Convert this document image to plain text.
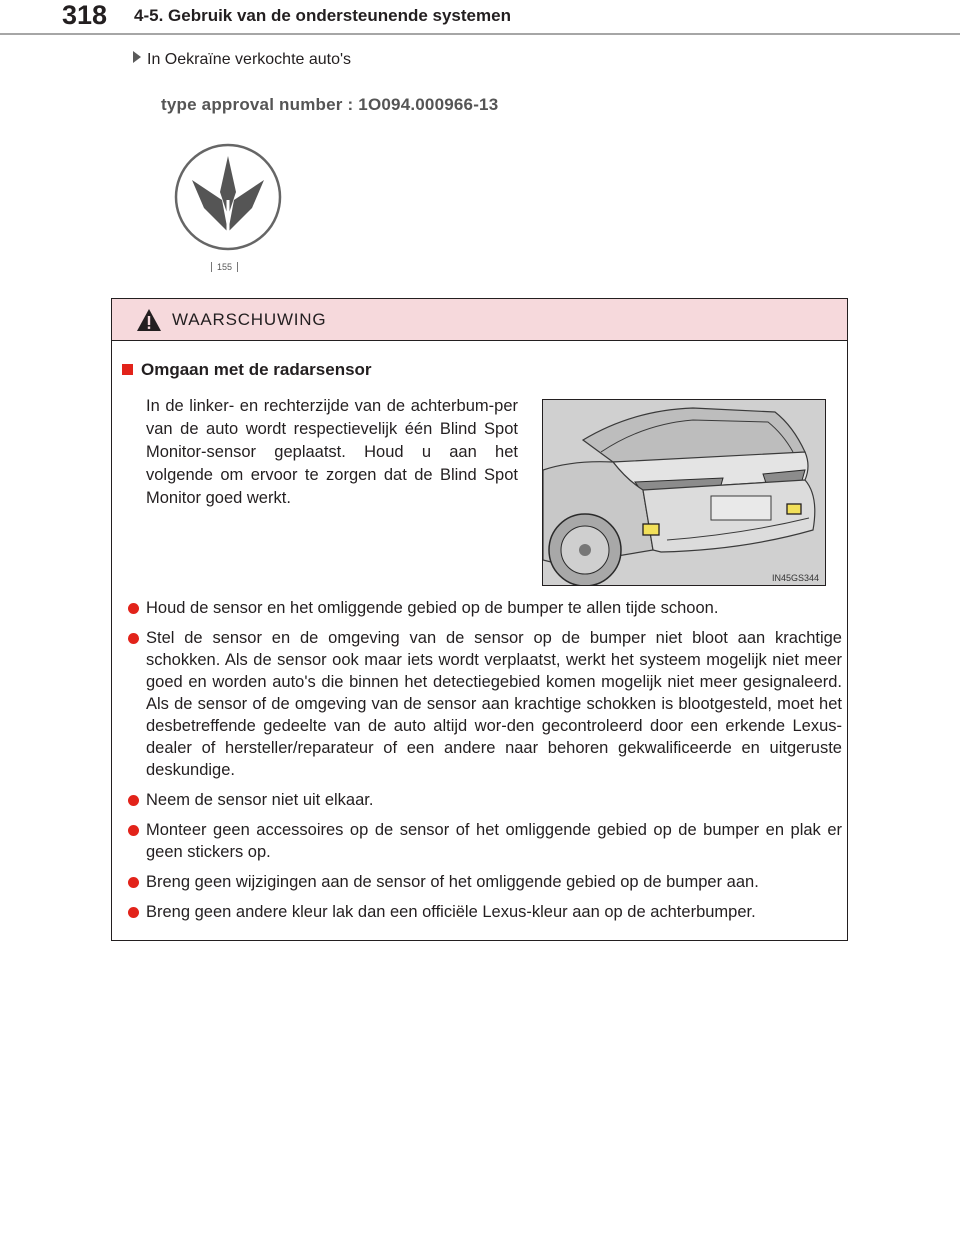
318 4-5. Gebruik van de ondersteunende systemen
In Oekraïne verkochte auto's
type approval number : 1O094.000966-13
155
WAARSCHUWING
Omgaan met de radarsensor
In de linker- en rechterzijde van de achterbum-per van de auto wordt respectievelijk één Blind Spot Monitor-sensor geplaatst. Houd u aan het volgende om ervoor te zorgen dat de Blind Spot Monitor goed werkt.
IN45GS344
Houd de sensor en het omliggende gebied op de bumper te allen tijde schoon.
Stel de sensor en de omgeving van de sensor op de bumper niet bloot aan krachtige schokken. Als de sensor ook maar iets wordt verplaatst, werkt het systeem mogelijk niet meer goed en worden auto's die binnen het detectiegebied komen mogelijk niet meer gesignaleerd. Als de sensor of de omgeving van de sensor aan krachtige schokken is blootgesteld, moet het desbetreffende gedeelte van de auto altijd wor-den gecontroleerd door een erkende Lexus-dealer of hersteller/reparateur of een andere naar behoren gekwalificeerde en uitgeruste deskundige.
Neem de sensor niet uit elkaar.
Monteer geen accessoires op de sensor of het omliggende gebied op de bumper en plak er geen stickers op.
Breng geen wijzigingen aan de sensor of het omliggende gebied op de bumper aan.
Breng geen andere kleur lak dan een officiële Lexus-kleur aan op de achterbumper.
